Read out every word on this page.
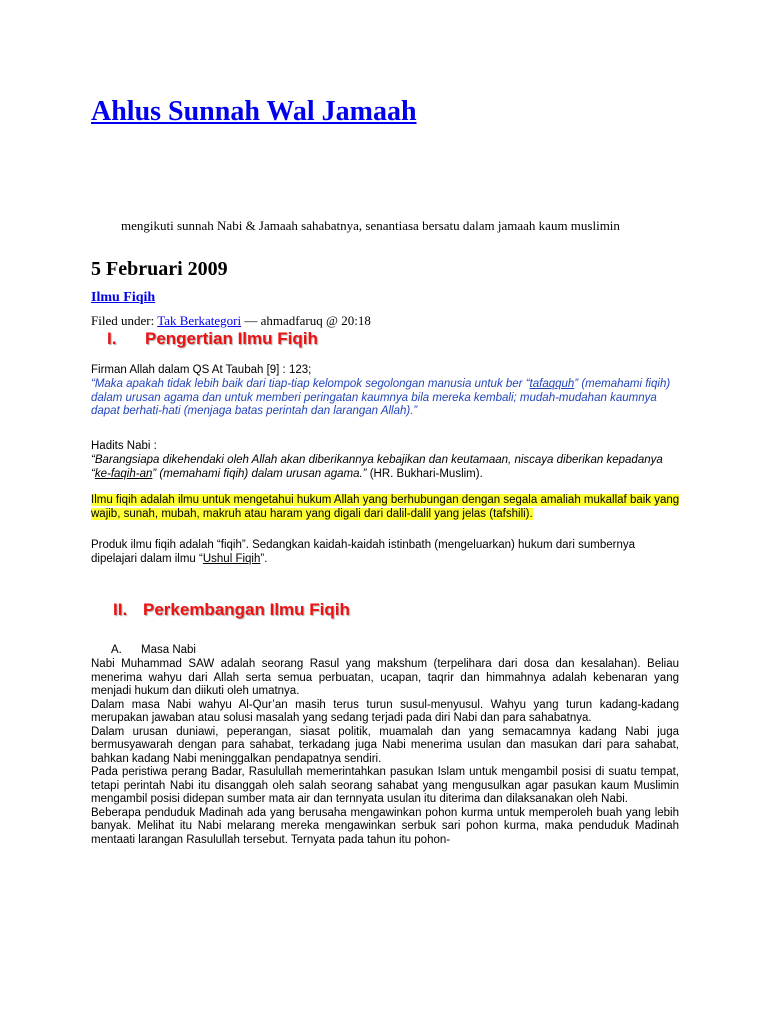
Ahlus Sunnah Wal Jamaah

mengikuti sunnah Nabi & Jamaah sahabatnya, senantiasa bersatu dalam jamaah kaum muslimin

5 Februari 2009
Ilmu Fiqih

Filed under: Tak Berkategori — ahmadfaruq @ 20:18

I. Pengertian Ilmu Fiqih

Firman Allah dalam QS At Taubah [9] : 123;

“Maka apakah tidak lebih baik dari tiap-tiap kelompok segolongan manusia untuk ber “tafaqquh” (memahami fiqih) dalam urusan agama dan untuk memberi peringatan kaumnya bila mereka kembali; mudah-mudahan kaumnya dapat berhati-hati (menjaga batas perintah dan larangan Allah).”

Hadits Nabi :

“Barangsiapa dikehendaki oleh Allah akan diberikannya kebajikan dan keutamaan, niscaya diberikan kepadanya “ke-faqih-an” (memahami fiqih) dalam urusan agama.” (HR. Bukhari-Muslim).

Ilmu fiqih adalah ilmu untuk mengetahui hukum Allah yang berhubungan dengan segala amaliah mukallaf baik yang wajib, sunah, mubah, makruh atau haram yang digali dari dalil-dalil yang jelas (tafshili).

Produk ilmu fiqih adalah “fiqih”. Sedangkan kaidah-kaidah istinbath (mengeluarkan) hukum dari sumbernya dipelajari dalam ilmu “Ushul Fiqih”.

II. Perkembangan Ilmu Fiqih
A. Masa Nabi

Nabi Muhammad SAW adalah seorang Rasul yang makshum (terpelihara dari dosa dan kesalahan). Beliau menerima wahyu dari Allah serta semua perbuatan, ucapan, taqrir dan himmahnya adalah kebenaran yang menjadi hukum dan diikuti oleh umatnya.

Dalam masa Nabi wahyu Al-Qur’an masih terus turun susul-menyusul. Wahyu yang turun kadang-kadang merupakan jawaban atau solusi masalah yang sedang terjadi pada diri Nabi dan para sahabatnya.

Dalam urusan duniawi, peperangan, siasat politik, muamalah dan yang semacamnya kadang Nabi juga bermusyawarah dengan para sahabat, terkadang juga Nabi menerima usulan dan masukan dari para sahabat, bahkan kadang Nabi meninggalkan pendapatnya sendiri.

Pada peristiwa perang Badar, Rasulullah memerintahkan pasukan Islam untuk mengambil posisi di suatu tempat, tetapi perintah Nabi itu disanggah oleh salah seorang sahabat yang mengusulkan agar pasukan kaum Muslimin mengambil posisi didepan sumber mata air dan ternnyata usulan itu diterima dan dilaksanakan oleh Nabi.

Beberapa penduduk Madinah ada yang berusaha mengawinkan pohon kurma untuk memperoleh buah yang lebih banyak. Melihat itu Nabi melarang mereka mengawinkan serbuk sari pohon kurma, maka penduduk Madinah mentaati larangan Rasulullah tersebut. Ternyata pada tahun itu pohon-
